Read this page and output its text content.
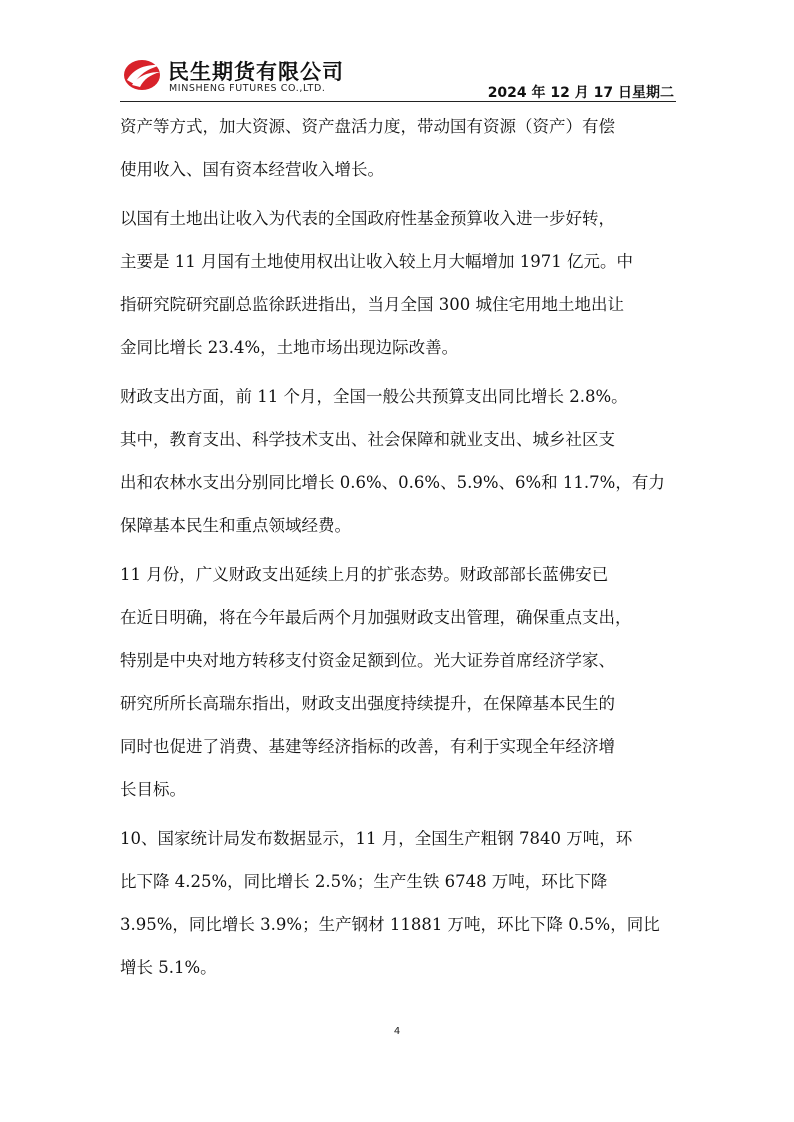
民生期货有限公司
MINSHENG FUTURES CO.,LTD.	2024 年 12 月 17 日星期二

资产等方式，加大资源、资产盘活力度，带动国有资源（资产）有偿
使用收入、国有资本经营收入增长。

以国有土地出让收入为代表的全国政府性基金预算收入进一步好转，
主要是 11 月国有土地使用权出让收入较上月大幅增加 1971 亿元。中
指研究院研究副总监徐跃进指出，当月全国 300 城住宅用地土地出让
金同比增长 23.4%，土地市场出现边际改善。

财政支出方面，前 11 个月，全国一般公共预算支出同比增长 2.8%。
其中，教育支出、科学技术支出、社会保障和就业支出、城乡社区支
出和农林水支出分别同比增长 0.6%、0.6%、5.9%、6%和 11.7%，有力
保障基本民生和重点领域经费。

11 月份，广义财政支出延续上月的扩张态势。财政部部长蓝佛安已
在近日明确，将在今年最后两个月加强财政支出管理，确保重点支出，
特别是中央对地方转移支付资金足额到位。光大证券首席经济学家、
研究所所长高瑞东指出，财政支出强度持续提升，在保障基本民生的
同时也促进了消费、基建等经济指标的改善，有利于实现全年经济增
长目标。

10、国家统计局发布数据显示，11 月，全国生产粗钢 7840 万吨，环
比下降 4.25%，同比增长 2.5%；生产生铁 6748 万吨，环比下降
3.95%，同比增长 3.9%；生产钢材 11881 万吨，环比下降 0.5%，同比
增长 5.1%。

4
